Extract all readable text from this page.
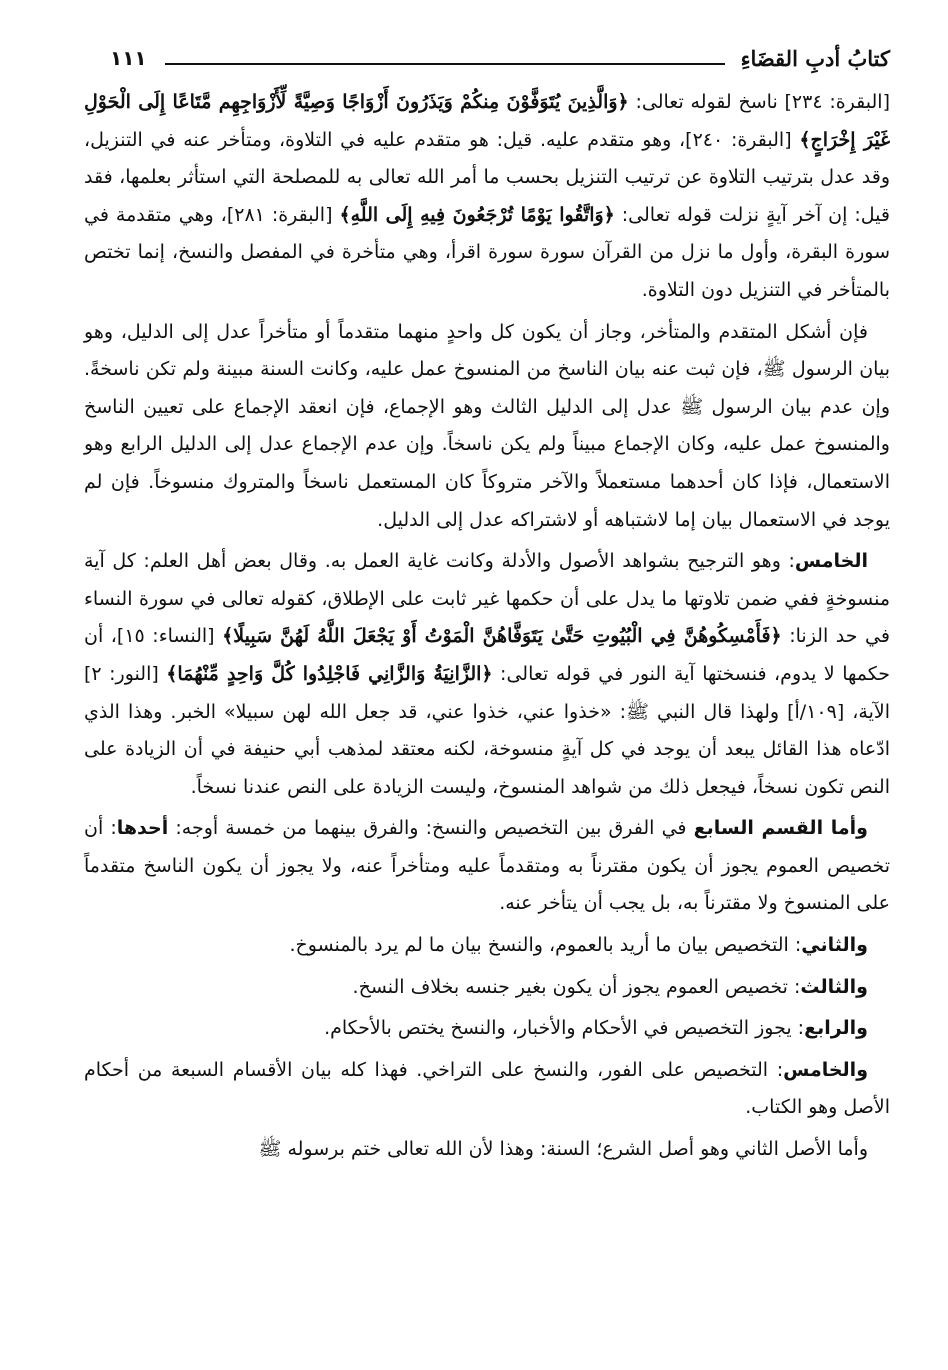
كتابُ أدبِ القضَاءِ
١١١

[البقرة: ٢٣٤] ناسخ لقوله تعالى: ﴿وَالَّذِينَ يُتَوَفَّوْنَ مِنكُمْ وَيَذَرُونَ أَزْوَاجًا وَصِيَّةً لِّأَزْوَاجِهِم مَّتَاعًا إِلَى الْحَوْلِ غَيْرَ إِخْرَاجٍ﴾ [البقرة: ٢٤٠]، وهو متقدم عليه. قيل: هو متقدم عليه في التلاوة، ومتأخر عنه في التنزيل، وقد عدل بترتيب التلاوة عن ترتيب التنزيل بحسب ما أمر الله تعالى به للمصلحة التي استأثر بعلمها، فقد قيل: إن آخر آيةٍ نزلت قوله تعالى: ﴿وَاتَّقُوا يَوْمًا تُرْجَعُونَ فِيهِ إِلَى اللَّهِ﴾ [البقرة: ٢٨١]، وهي متقدمة في سورة البقرة، وأول ما نزل من القرآن سورة سورة اقرأ، وهي متأخرة في المفصل والنسخ، إنما تختص بالمتأخر في التنزيل دون التلاوة.

فإن أشكل المتقدم والمتأخر، وجاز أن يكون كل واحدٍ منهما متقدماً أو متأخراً عدل إلى الدليل، وهو بيان الرسول ﷺ، فإن ثبت عنه بيان الناسخ من المنسوخ عمل عليه، وكانت السنة مبينة ولم تكن ناسخةً. وإن عدم بيان الرسول ﷺ عدل إلى الدليل الثالث وهو الإجماع، فإن انعقد الإجماع على تعيين الناسخ والمنسوخ عمل عليه، وكان الإجماع مبيناً ولم يكن ناسخاً. وإن عدم الإجماع عدل إلى الدليل الرابع وهو الاستعمال، فإذا كان أحدهما مستعملاً والآخر متروكاً كان المستعمل ناسخاً والمتروك منسوخاً. فإن لم يوجد في الاستعمال بيان إما لاشتباهه أو لاشتراكه عدل إلى الدليل.

الخامس: وهو الترجيح بشواهد الأصول والأدلة وكانت غاية العمل به. وقال بعض أهل العلم: كل آية منسوخةٍ ففي ضمن تلاوتها ما يدل على أن حكمها غير ثابت على الإطلاق، كقوله تعالى في سورة النساء في حد الزنا: ﴿فَأَمْسِكُوهُنَّ فِي الْبُيُوتِ حَتَّىٰ يَتَوَفَّاهُنَّ الْمَوْتُ أَوْ يَجْعَلَ اللَّهُ لَهُنَّ سَبِيلًا﴾ [النساء: ١٥]، أن حكمها لا يدوم، فنسختها آية النور في قوله تعالى: ﴿الزَّانِيَةُ وَالزَّانِي فَاجْلِدُوا كُلَّ وَاحِدٍ مِّنْهُمَا﴾ [النور: ٢] الآية، [١٠٩/أ] ولهذا قال النبي ﷺ: «خذوا عني، خذوا عني، قد جعل الله لهن سبيلا» الخبر. وهذا الذي ادّعاه هذا القائل يبعد أن يوجد في كل آيةٍ منسوخة، لكنه معتقد لمذهب أبي حنيفة في أن الزيادة على النص تكون نسخاً، فيجعل ذلك من شواهد المنسوخ، وليست الزيادة على النص عندنا نسخاً.

وأما القسم السابع في الفرق بين التخصيص والنسخ: والفرق بينهما من خمسة أوجه: أحدها: أن تخصيص العموم يجوز أن يكون مقترناً به ومتقدماً عليه ومتأخراً عنه، ولا يجوز أن يكون الناسخ متقدماً على المنسوخ ولا مقترناً به، بل يجب أن يتأخر عنه.

والثاني: التخصيص بيان ما أريد بالعموم، والنسخ بيان ما لم يرد بالمنسوخ.

والثالث: تخصيص العموم يجوز أن يكون بغير جنسه بخلاف النسخ.

والرابع: يجوز التخصيص في الأحكام والأخبار، والنسخ يختص بالأحكام.

والخامس: التخصيص على الفور، والنسخ على التراخي. فهذا كله بيان الأقسام السبعة من أحكام الأصل وهو الكتاب.

وأما الأصل الثاني وهو أصل الشرع؛ السنة: وهذا لأن الله تعالى ختم برسوله ﷺ
